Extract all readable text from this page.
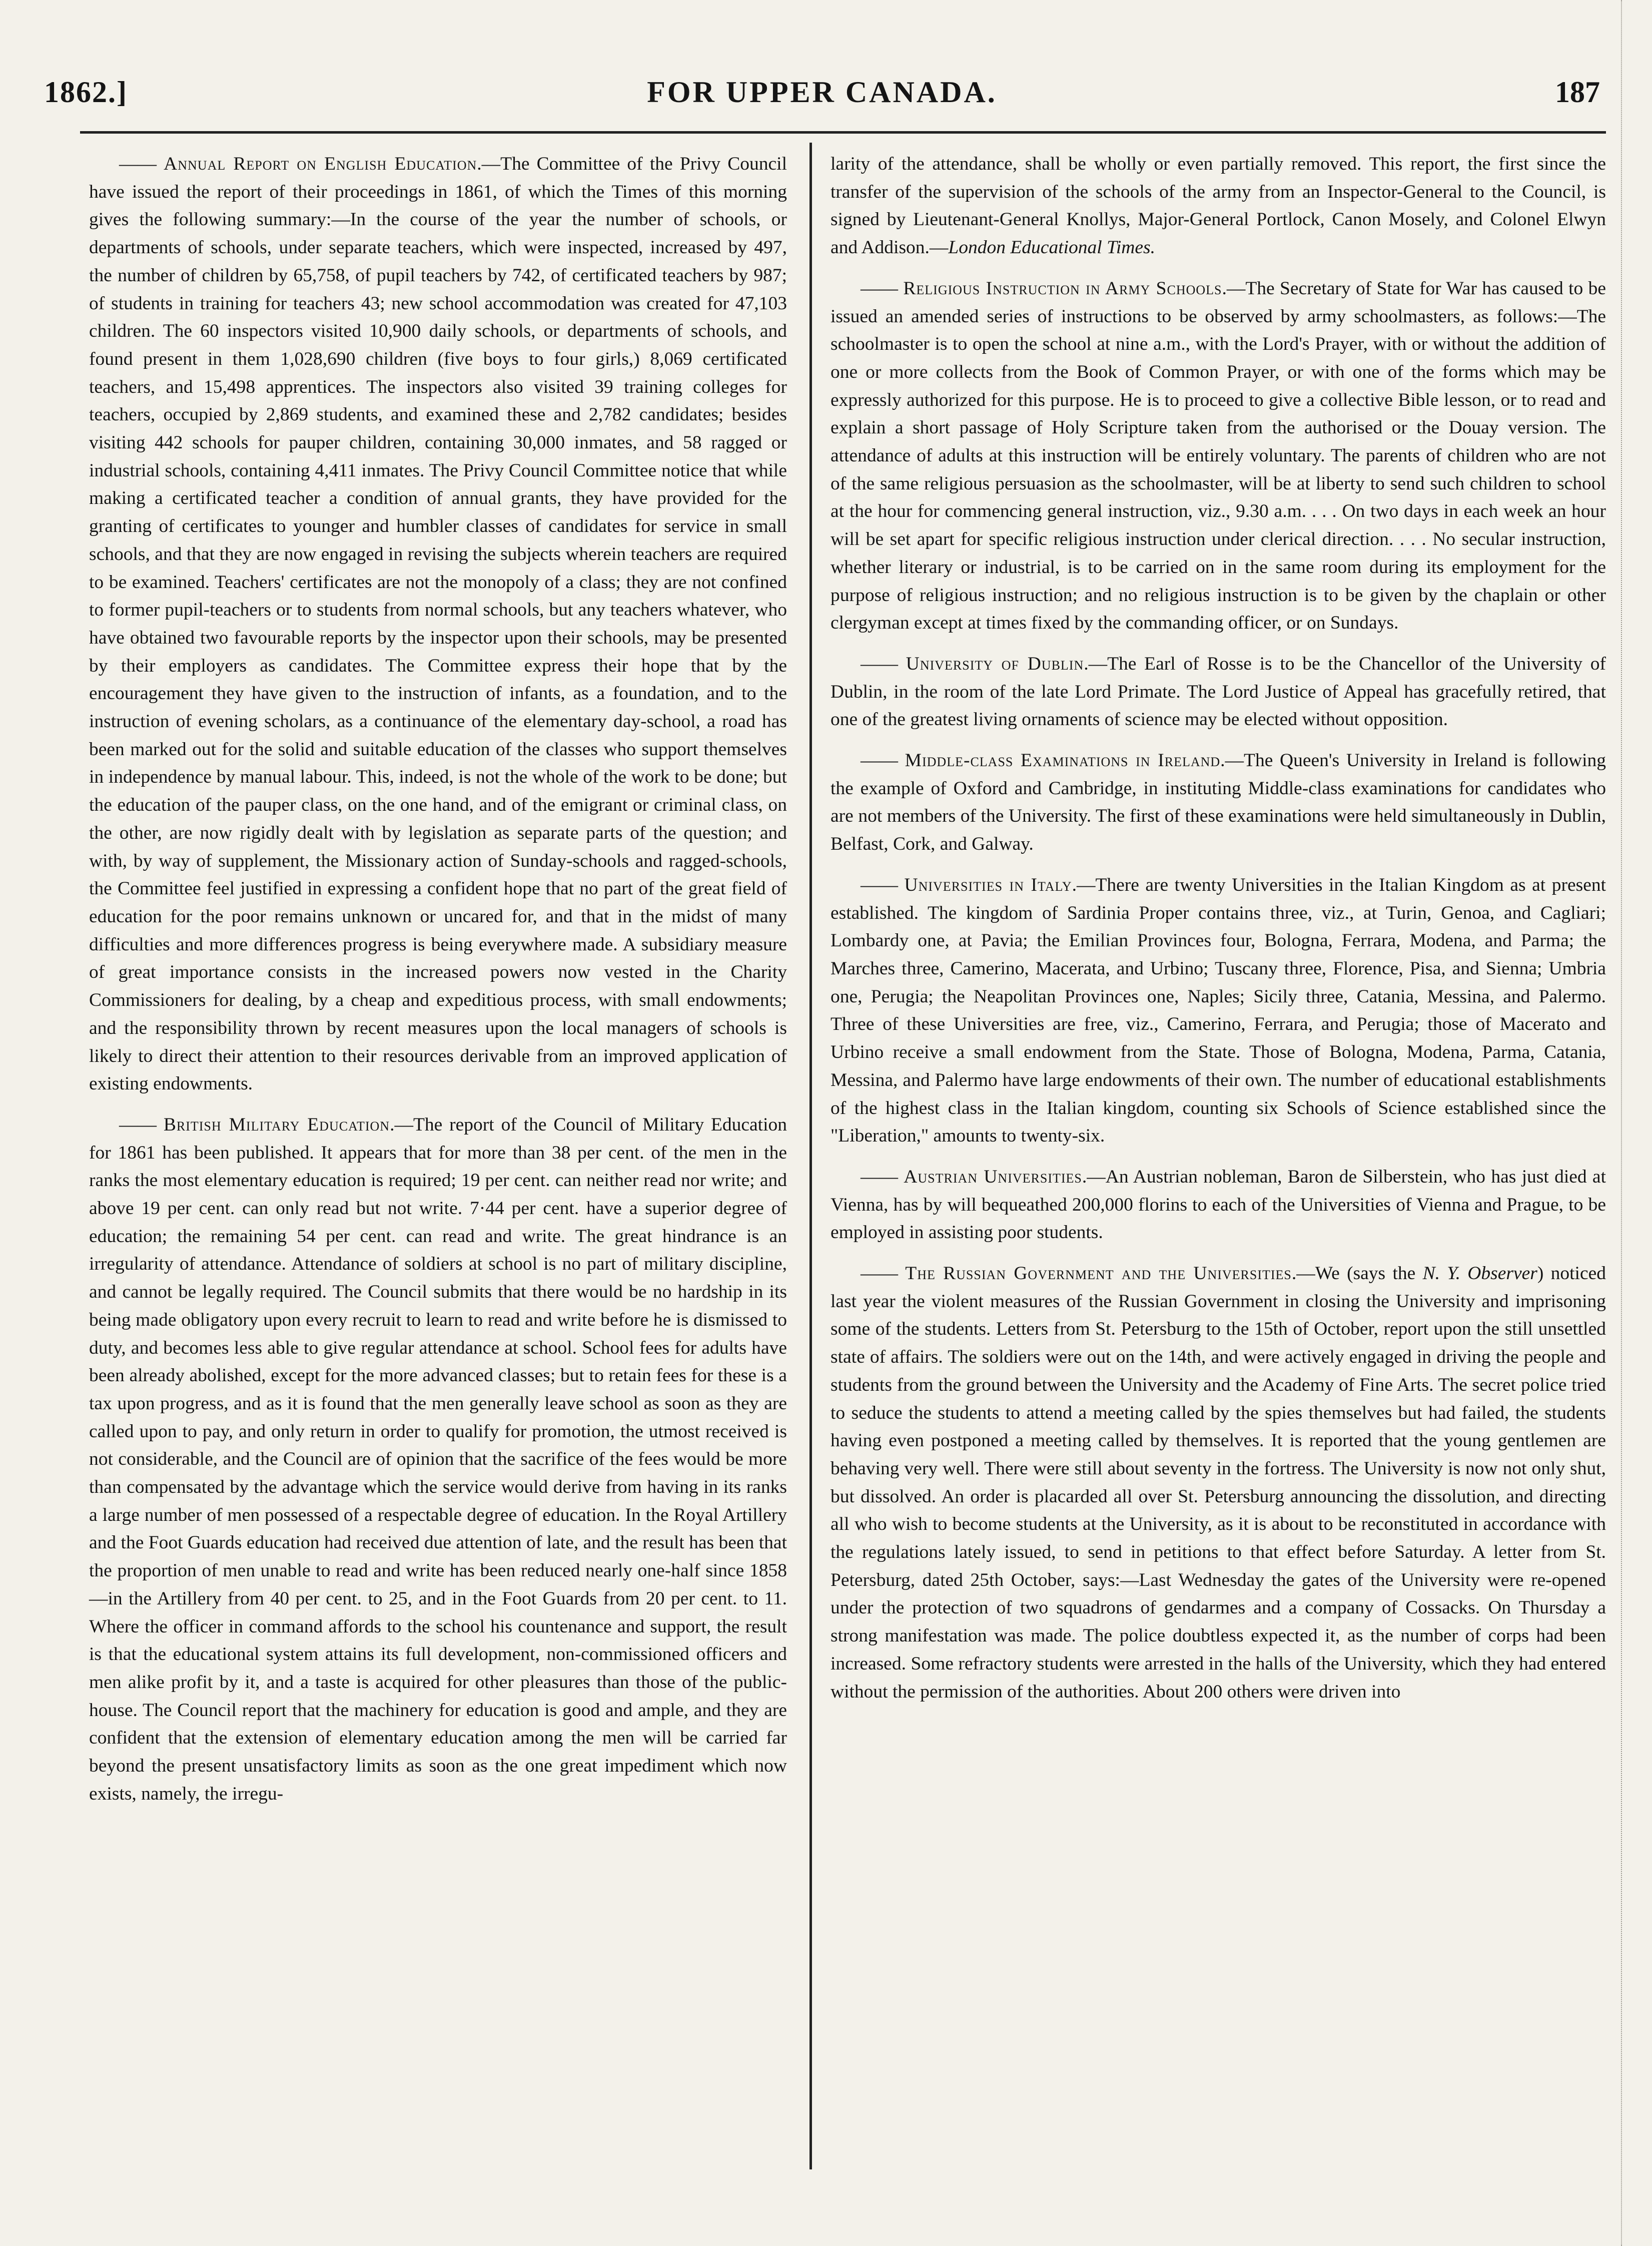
FOR UPPER CANADA.
1862.]	187

—— Annual Report on English Education.—The Committee of the Privy Council have issued the report of their proceedings in 1861, of which the Times of this morning gives the following summary:—In the course of the year the number of schools, or departments of schools, under separate teachers, which were inspected, increased by 497, the number of children by 65,758, of pupil teachers by 742, of certificated teachers by 987; of students in training for teachers 43; new school accommodation was created for 47,103 children. The 60 inspectors visited 10,900 daily schools, or departments of schools, and found present in them 1,028,690 children (five boys to four girls,) 8,069 certificated teachers, and 15,498 apprentices. The inspectors also visited 39 training colleges for teachers, occupied by 2,869 students, and examined these and 2,782 candidates; besides visiting 442 schools for pauper children, containing 30,000 inmates, and 58 ragged or industrial schools, containing 4,411 inmates. The Privy Council Committee notice that while making a certificated teacher a condition of annual grants, they have provided for the granting of certificates to younger and humbler classes of candidates for service in small schools, and that they are now engaged in revising the subjects wherein teachers are required to be examined. Teachers' certificates are not the monopoly of a class; they are not confined to former pupil-teachers or to students from normal schools, but any teachers whatever, who have obtained two favourable reports by the inspector upon their schools, may be presented by their employers as candidates. The Committee express their hope that by the encouragement they have given to the instruction of infants, as a foundation, and to the instruction of evening scholars, as a continuance of the elementary day-school, a road has been marked out for the solid and suitable education of the classes who support themselves in independence by manual labour. This, indeed, is not the whole of the work to be done; but the education of the pauper class, on the one hand, and of the emigrant or criminal class, on the other, are now rigidly dealt with by legislation as separate parts of the question; and with, by way of supplement, the Missionary action of Sunday-schools and ragged-schools, the Committee feel justified in expressing a confident hope that no part of the great field of education for the poor remains unknown or uncared for, and that in the midst of many difficulties and more differences progress is being everywhere made. A subsidiary measure of great importance consists in the increased powers now vested in the Charity Commissioners for dealing, by a cheap and expeditious process, with small endowments; and the responsibility thrown by recent measures upon the local managers of schools is likely to direct their attention to their resources derivable from an improved application of existing endowments.

—— British Military Education.—The report of the Council of Military Education for 1861 has been published. It appears that for more than 38 per cent. of the men in the ranks the most elementary education is required; 19 per cent. can neither read nor write; and above 19 per cent. can only read but not write. 7·44 per cent. have a superior degree of education; the remaining 54 per cent. can read and write. The great hindrance is an irregularity of attendance. Attendance of soldiers at school is no part of military discipline, and cannot be legally required. The Council submits that there would be no hardship in its being made obligatory upon every recruit to learn to read and write before he is dismissed to duty, and becomes less able to give regular attendance at school. School fees for adults have been already abolished, except for the more advanced classes; but to retain fees for these is a tax upon progress, and as it is found that the men generally leave school as soon as they are called upon to pay, and only return in order to qualify for promotion, the utmost received is not considerable, and the Council are of opinion that the sacrifice of the fees would be more than compensated by the advantage which the service would derive from having in its ranks a large number of men possessed of a respectable degree of education. In the Royal Artillery and the Foot Guards education had received due attention of late, and the result has been that the proportion of men unable to read and write has been reduced nearly one-half since 1858—in the Artillery from 40 per cent. to 25, and in the Foot Guards from 20 per cent. to 11. Where the officer in command affords to the school his countenance and support, the result is that the educational system attains its full development, non-commissioned officers and men alike profit by it, and a taste is acquired for other pleasures than those of the public-house. The Council report that the machinery for education is good and ample, and they are confident that the extension of elementary education among the men will be carried far beyond the present unsatisfactory limits as soon as the one great impediment which now exists, namely, the irregu-

larity of the attendance, shall be wholly or even partially removed. This report, the first since the transfer of the supervision of the schools of the army from an Inspector-General to the Council, is signed by Lieutenant-General Knollys, Major-General Portlock, Canon Mosely, and Colonel Elwyn and Addison.—London Educational Times.

—— Religious Instruction in Army Schools.—The Secretary of State for War has caused to be issued an amended series of instructions to be observed by army schoolmasters, as follows:—The schoolmaster is to open the school at nine a.m., with the Lord's Prayer, with or without the addition of one or more collects from the Book of Common Prayer, or with one of the forms which may be expressly authorized for this purpose. He is to proceed to give a collective Bible lesson, or to read and explain a short passage of Holy Scripture taken from the authorised or the Douay version. The attendance of adults at this instruction will be entirely voluntary. The parents of children who are not of the same religious persuasion as the schoolmaster, will be at liberty to send such children to school at the hour for commencing general instruction, viz., 9.30 a.m. . . . On two days in each week an hour will be set apart for specific religious instruction under clerical direction. . . . No secular instruction, whether literary or industrial, is to be carried on in the same room during its employment for the purpose of religious instruction; and no religious instruction is to be given by the chaplain or other clergyman except at times fixed by the commanding officer, or on Sundays.

—— University of Dublin.—The Earl of Rosse is to be the Chancellor of the University of Dublin, in the room of the late Lord Primate. The Lord Justice of Appeal has gracefully retired, that one of the greatest living ornaments of science may be elected without opposition.

—— Middle-class Examinations in Ireland.—The Queen's University in Ireland is following the example of Oxford and Cambridge, in instituting Middle-class examinations for candidates who are not members of the University. The first of these examinations were held simultaneously in Dublin, Belfast, Cork, and Galway.

—— Universities in Italy.—There are twenty Universities in the Italian Kingdom as at present established. The kingdom of Sardinia Proper contains three, viz., at Turin, Genoa, and Cagliari; Lombardy one, at Pavia; the Emilian Provinces four, Bologna, Ferrara, Modena, and Parma; the Marches three, Camerino, Macerata, and Urbino; Tuscany three, Florence, Pisa, and Sienna; Umbria one, Perugia; the Neapolitan Provinces one, Naples; Sicily three, Catania, Messina, and Palermo. Three of these Universities are free, viz., Camerino, Ferrara, and Perugia; those of Macerato and Urbino receive a small endowment from the State. Those of Bologna, Modena, Parma, Catania, Messina, and Palermo have large endowments of their own. The number of educational establishments of the highest class in the Italian kingdom, counting six Schools of Science established since the "Liberation," amounts to twenty-six.

—— Austrian Universities.—An Austrian nobleman, Baron de Silberstein, who has just died at Vienna, has by will bequeathed 200,000 florins to each of the Universities of Vienna and Prague, to be employed in assisting poor students.

—— The Russian Government and the Universities.—We (says the N. Y. Observer) noticed last year the violent measures of the Russian Government in closing the University and imprisoning some of the students. Letters from St. Petersburg to the 15th of October, report upon the still unsettled state of affairs. The soldiers were out on the 14th, and were actively engaged in driving the people and students from the ground between the University and the Academy of Fine Arts. The secret police tried to seduce the students to attend a meeting called by the spies themselves but had failed, the students having even postponed a meeting called by themselves. It is reported that the young gentlemen are behaving very well. There were still about seventy in the fortress. The University is now not only shut, but dissolved. An order is placarded all over St. Petersburg announcing the dissolution, and directing all who wish to become students at the University, as it is about to be reconstituted in accordance with the regulations lately issued, to send in petitions to that effect before Saturday. A letter from St. Petersburg, dated 25th October, says:—Last Wednesday the gates of the University were re-opened under the protection of two squadrons of gendarmes and a company of Cossacks. On Thursday a strong manifestation was made. The police doubtless expected it, as the number of corps had been increased. Some refractory students were arrested in the halls of the University, which they had entered without the permission of the authorities. About 200 others were driven into
